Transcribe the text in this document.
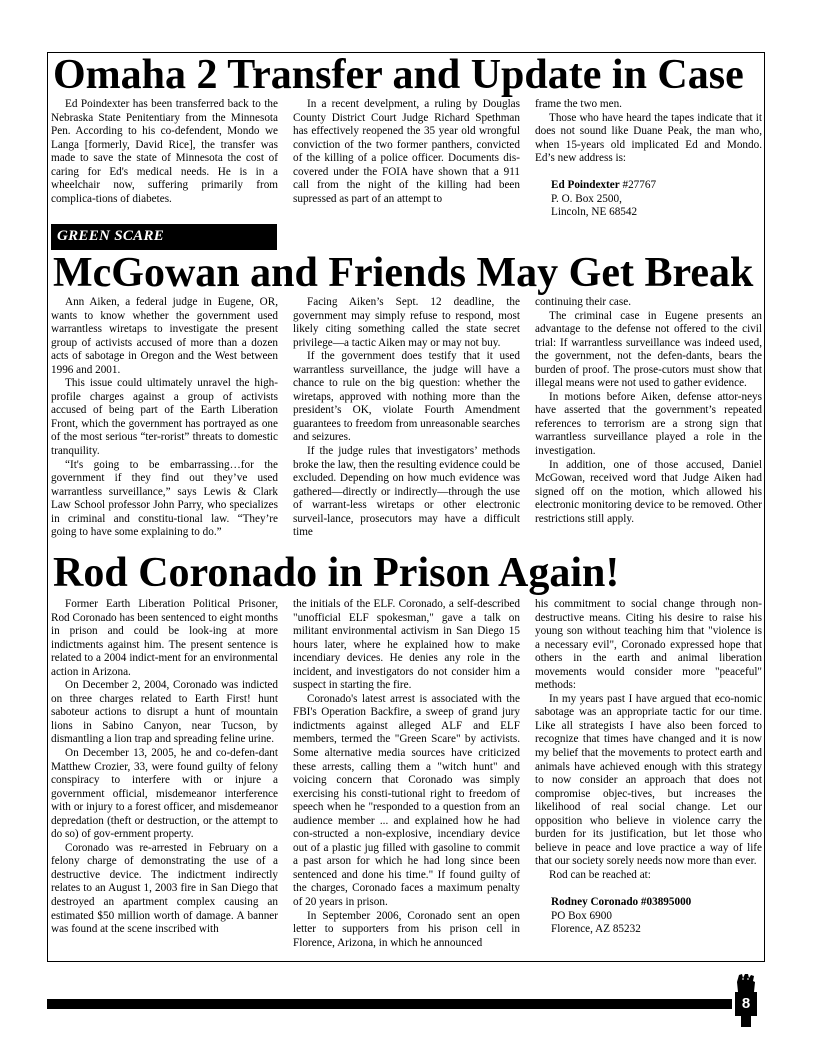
Omaha 2 Transfer and Update in Case

Ed Poindexter has been transferred back to the Nebraska State Penitentiary from the Minnesota Pen. According to his co-defendent, Mondo we Langa [formerly, David Rice], the transfer was made to save the state of Minnesota the cost of caring for Ed's medical needs. He is in a wheelchair now, suffering primarily from complica-tions of diabetes.

In a recent develpment, a ruling by Douglas County District Court Judge Richard Spethman has effectively reopened the 35 year old wrongful conviction of the two former panthers, convicted of the killing of a police officer. Documents dis-covered under the FOIA have shown that a 911 call from the night of the killing had been supressed as part of an attempt to

frame the two men.

Those who have heard the tapes indicate that it does not sound like Duane Peak, the man who, when 15-years old implicated Ed and Mondo. Ed’s new address is:

Ed Poindexter #27767

P. O. Box 2500,

Lincoln, NE 68542

GREEN SCARE
McGowan and Friends May Get Break

Ann Aiken, a federal judge in Eugene, OR, wants to know whether the government used warrantless wiretaps to investigate the present group of activists accused of more than a dozen acts of sabotage in Oregon and the West between 1996 and 2001.

This issue could ultimately unravel the high-profile charges against a group of activists accused of being part of the Earth Liberation Front, which the government has portrayed as one of the most serious “ter-rorist” threats to domestic tranquility.

“It's going to be embarrassing…for the government if they find out they’ve used warrantless surveillance,” says Lewis & Clark Law School professor John Parry, who specializes in criminal and constitu-tional law. “They’re going to have some explaining to do.”

Facing Aiken’s Sept. 12 deadline, the government may simply refuse to respond, most likely citing something called the state secret privilege—a tactic Aiken may or may not buy.

If the government does testify that it used warrantless surveillance, the judge will have a chance to rule on the big question: whether the wiretaps, approved with nothing more than the president’s OK, violate Fourth Amendment guarantees to freedom from unreasonable searches and seizures.

If the judge rules that investigators’ methods broke the law, then the resulting evidence could be excluded. Depending on how much evidence was gathered—directly or indirectly—through the use of warrant-less wiretaps or other electronic surveil-lance, prosecutors may have a difficult time

continuing their case.

The criminal case in Eugene presents an advantage to the defense not offered to the civil trial: If warrantless surveillance was indeed used, the government, not the defen-dants, bears the burden of proof. The prose-cutors must show that illegal means were not used to gather evidence.

In motions before Aiken, defense attor-neys have asserted that the government’s repeated references to terrorism are a strong sign that warrantless surveillance played a role in the investigation.

In addition, one of those accused, Daniel McGowan, received word that Judge Aiken had signed off on the motion, which allowed his electronic monitoring device to be removed. Other restrictions still apply.

Rod Coronado in Prison Again!

Former Earth Liberation Political Prisoner, Rod Coronado has been sentenced to eight months in prison and could be look-ing at more indictments against him. The present sentence is related to a 2004 indict-ment for an environmental action in Arizona.

On December 2, 2004, Coronado was indicted on three charges related to Earth First! hunt saboteur actions to disrupt a hunt of mountain lions in Sabino Canyon, near Tucson, by dismantling a lion trap and spreading feline urine.

On December 13, 2005, he and co-defen-dant Matthew Crozier, 33, were found guilty of felony conspiracy to interfere with or injure a government official, misdemeanor interference with or injury to a forest officer, and misdemeanor depredation (theft or destruction, or the attempt to do so) of gov-ernment property.

Coronado was re-arrested in February on a felony charge of demonstrating the use of a destructive device. The indictment indirectly relates to an August 1, 2003 fire in San Diego that destroyed an apartment complex causing an estimated $50 million worth of damage. A banner was found at the scene inscribed with

the initials of the ELF. Coronado, a self-described "unofficial ELF spokesman," gave a talk on militant environmental activism in San Diego 15 hours later, where he explained how to make incendiary devices. He denies any role in the incident, and investigators do not consider him a suspect in starting the fire.

Coronado's latest arrest is associated with the FBI's Operation Backfire, a sweep of grand jury indictments against alleged ALF and ELF members, termed the "Green Scare" by activists. Some alternative media sources have criticized these arrests, calling them a "witch hunt" and voicing concern that Coronado was simply exercising his consti-tutional right to freedom of speech when he "responded to a question from an audience member ... and explained how he had con-structed a non-explosive, incendiary device out of a plastic jug filled with gasoline to commit a past arson for which he had long since been sentenced and done his time." If found guilty of the charges, Coronado faces a maximum penalty of 20 years in prison.

In September 2006, Coronado sent an open letter to supporters from his prison cell in Florence, Arizona, in which he announced

his commitment to social change through non-destructive means. Citing his desire to raise his young son without teaching him that "violence is a necessary evil", Coronado expressed hope that others in the earth and animal liberation movements would consider more "peaceful" methods:

In my years past I have argued that eco-nomic sabotage was an appropriate tactic for our time. Like all strategists I have also been forced to recognize that times have changed and it is now my belief that the movements to protect earth and animals have achieved enough with this strategy to now consider an approach that does not compromise objec-tives, but increases the likelihood of real social change. Let our opposition who believe in violence carry the burden for its justification, but let those who believe in peace and love practice a way of life that our society sorely needs now more than ever.

Rod can be reached at:

Rodney Coronado #03895000

PO Box 6900

Florence, AZ 85232

8
